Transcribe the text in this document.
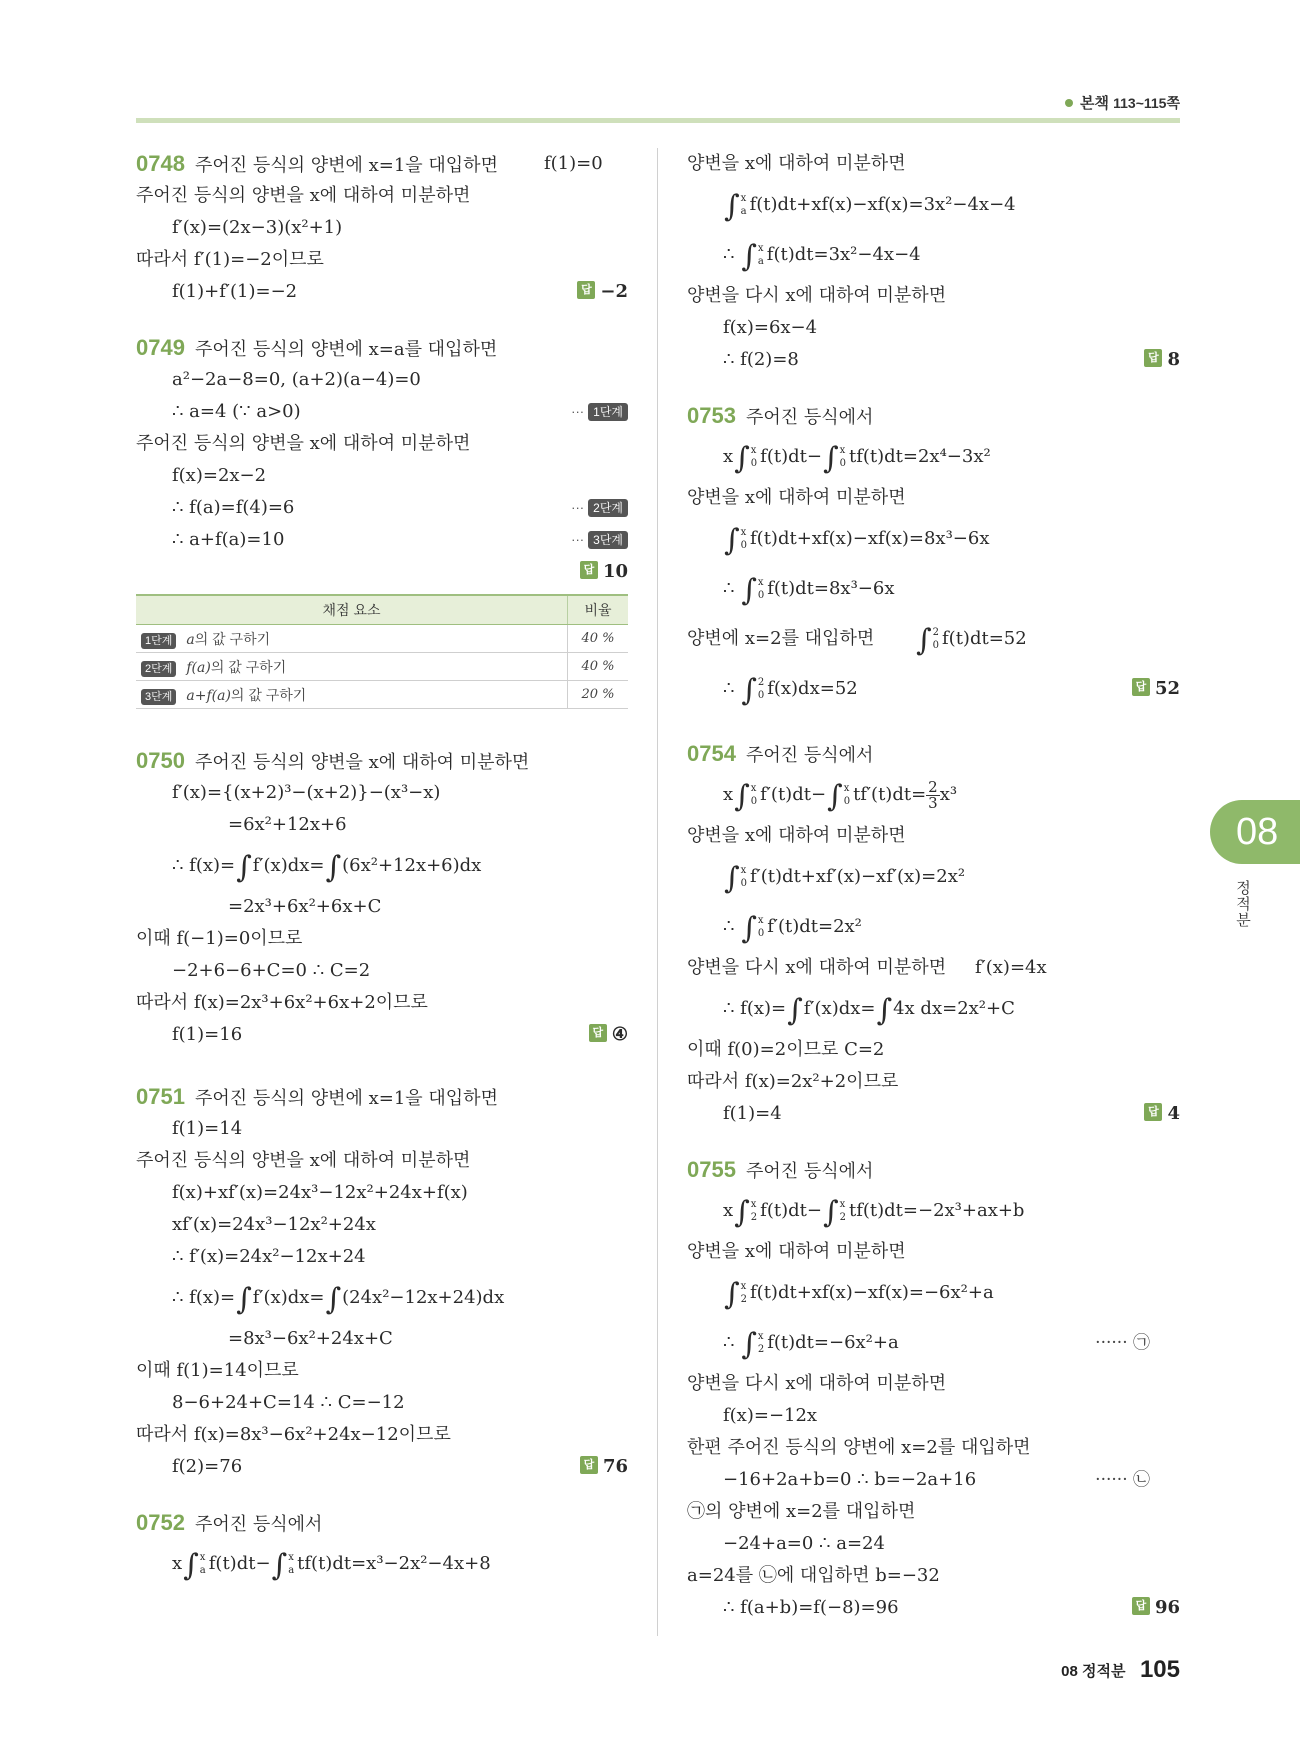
본책 113~115쪽
0748 주어진 등식의 양변에 x=1을 대입하면	f(1)=0
주어진 등식의 양변을 x에 대하여 미분하면
f′(x)=(2x−3)(x²+1)
따라서 f′(1)=−2이므로
f(1)+f′(1)=−2	답 −2
0749 주어진 등식의 양변에 x=a를 대입하면
a²−2a−8=0, (a+2)(a−4)=0
∴ a=4 (∵ a>0)	··· 1단계
주어진 등식의 양변을 x에 대하여 미분하면
f(x)=2x−2
∴ f(a)=f(4)=6	··· 2단계
∴ a+f(a)=10	··· 3단계
답 10
채점 요소	비율
1단계 a의 값 구하기	40 %
2단계 f(a)의 값 구하기	40 %
3단계 a+f(a)의 값 구하기	20 %
0750 주어진 등식의 양변을 x에 대하여 미분하면
f′(x)={(x+2)³−(x+2)}−(x³−x)
=6x²+12x+6
∴ f(x)=∫f′(x)dx=∫(6x²+12x+6)dx
=2x³+6x²+6x+C
이때 f(−1)=0이므로
−2+6−6+C=0 ∴ C=2
따라서 f(x)=2x³+6x²+6x+2이므로
f(1)=16	답 ④
0751 주어진 등식의 양변에 x=1을 대입하면
f(1)=14
주어진 등식의 양변을 x에 대하여 미분하면
f(x)+xf′(x)=24x³−12x²+24x+f(x)
xf′(x)=24x³−12x²+24x
∴ f′(x)=24x²−12x+24
∴ f(x)=∫f′(x)dx=∫(24x²−12x+24)dx
=8x³−6x²+24x+C
이때 f(1)=14이므로
8−6+24+C=14 ∴ C=−12
따라서 f(x)=8x³−6x²+24x−12이므로
f(2)=76	답 76
0752 주어진 등식에서
x∫ x
a f(t)dt−∫ x
a tf(t)dt=x³−2x²−4x+8
양변을 x에 대하여 미분하면
∫ x
a f(t)dt+xf(x)−xf(x)=3x²−4x−4
∴ ∫ x
a f(t)dt=3x²−4x−4
양변을 다시 x에 대하여 미분하면
f(x)=6x−4
∴ f(2)=8	답 8
0753 주어진 등식에서
x∫ x
0 f(t)dt−∫ x
0 tf(t)dt=2x⁴−3x²
양변을 x에 대하여 미분하면
∫ x
0 f(t)dt+xf(x)−xf(x)=8x³−6x
∴ ∫ x
0 f(t)dt=8x³−6x
양변에 x=2를 대입하면 ∫ 2
0 f(t)dt=52
∴ ∫ 2
0 f(x)dx=52	답 52
0754 주어진 등식에서
x∫ x
0 f′(t)dt−∫ x
0 $tf'(t)dt= \frac{2}{3} x^3$
양변을 x에 대하여 미분하면
∫ x
0 f′(t)dt+xf′(x)−xf′(x)=2x²
∴ ∫ x
0 f′(t)dt=2x²
양변을 다시 x에 대하여 미분하면 f′(x)=4x
∴ f(x)=∫f′(x)dx=∫4x dx=2x²+C
이때 f(0)=2이므로 C=2
따라서 f(x)=2x²+2이므로
f(1)=4	답 4
0755 주어진 등식에서
x∫ x
2 f(t)dt−∫ x
2 tf(t)dt=−2x³+ax+b
양변을 x에 대하여 미분하면
∫ x
2 f(t)dt+xf(x)−xf(x)=−6x²+a
∴ ∫ x
2 f(t)dt=−6x²+a	······ ㉠
양변을 다시 x에 대하여 미분하면
f(x)=−12x
한편 주어진 등식의 양변에 x=2를 대입하면
−16+2a+b=0 ∴ b=−2a+16	······ ㉡
㉠의 양변에 x=2를 대입하면
−24+a=0 ∴ a=24
a=24를 ㉡에 대입하면 b=−32
∴ f(a+b)=f(−8)=96	답 96
08
정적분
08 정적분 105
